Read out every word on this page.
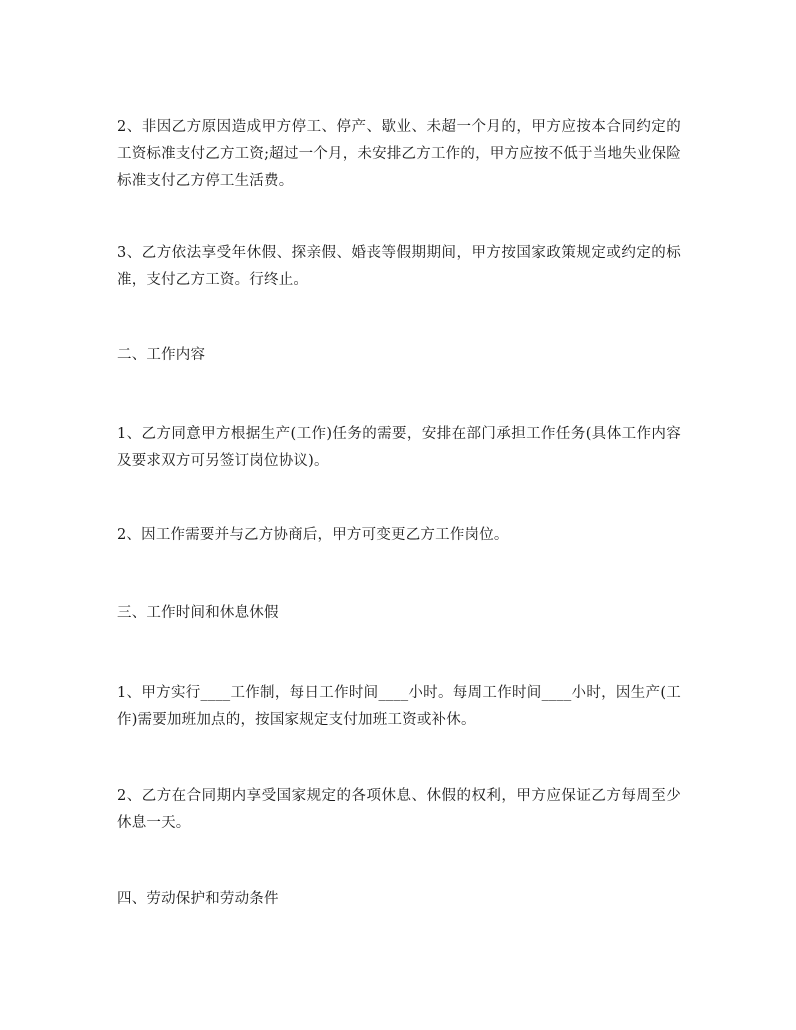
2、非因乙方原因造成甲方停工、停产、歇业、未超一个月的，甲方应按本合同约定的工资标准支付乙方工资;超过一个月，未安排乙方工作的，甲方应按不低于当地失业保险标准支付乙方停工生活费。

3、乙方依法享受年休假、探亲假、婚丧等假期期间，甲方按国家政策规定或约定的标准，支付乙方工资。行终止。

二、工作内容

1、乙方同意甲方根据生产(工作)任务的需要，安排在部门承担工作任务(具体工作内容及要求双方可另签订岗位协议)。

2、因工作需要并与乙方协商后，甲方可变更乙方工作岗位。

三、工作时间和休息休假

1、甲方实行____工作制，每日工作时间____小时。每周工作时间____小时，因生产(工作)需要加班加点的，按国家规定支付加班工资或补休。

2、乙方在合同期内享受国家规定的各项休息、休假的权利，甲方应保证乙方每周至少休息一天。

四、劳动保护和劳动条件
